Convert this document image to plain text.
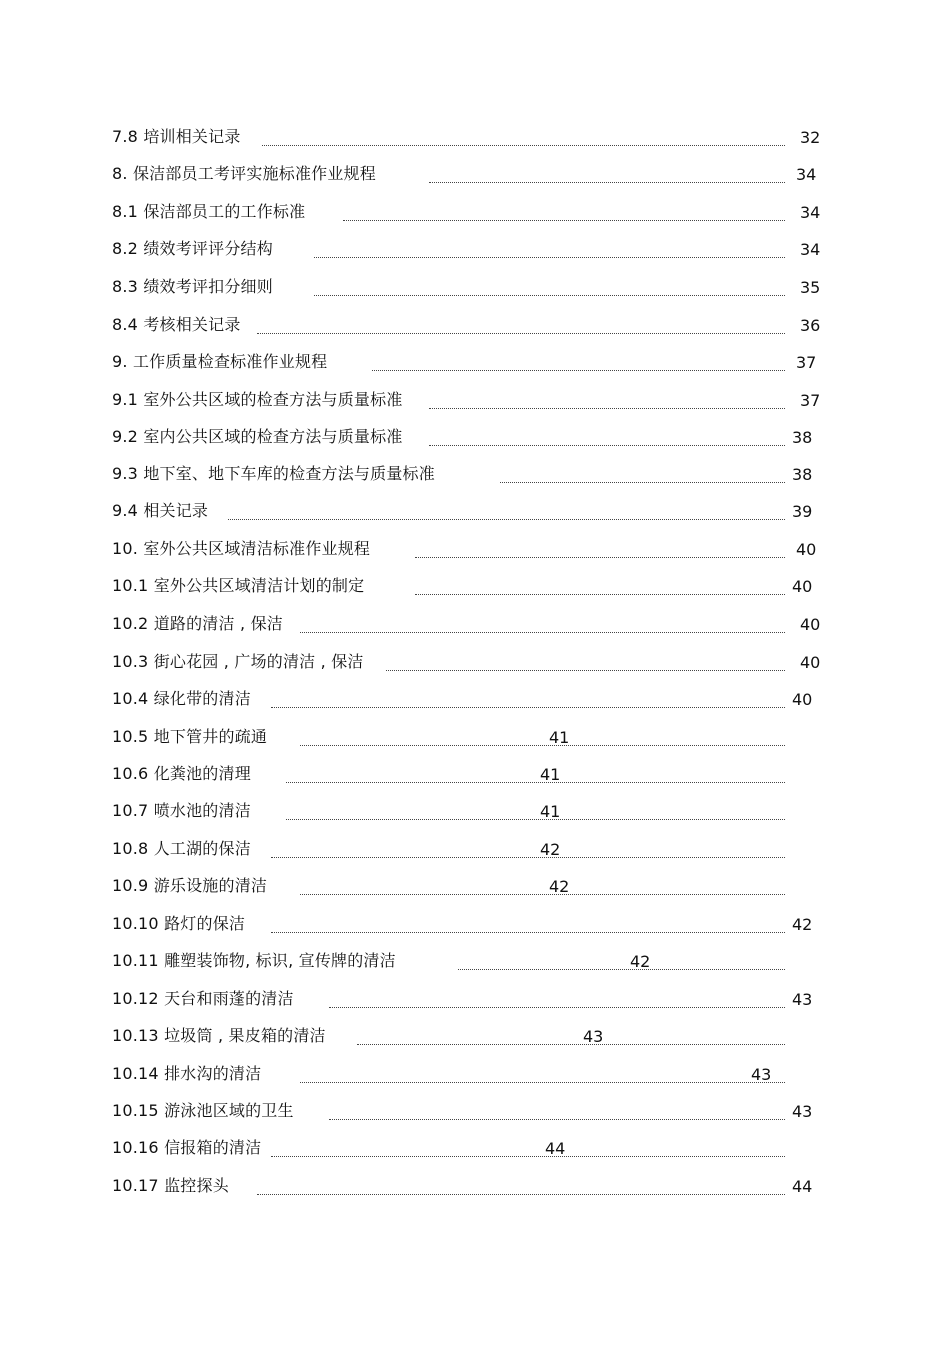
7.8 培训相关记录	32
8. 保洁部员工考评实施标准作业规程	34
8.1 保洁部员工的工作标准	34
8.2 绩效考评评分结构	34
8.3 绩效考评扣分细则	35
8.4 考核相关记录	36
9. 工作质量检查标准作业规程	37
9.1 室外公共区域的检查方法与质量标准	37
9.2 室内公共区域的检查方法与质量标准	38
9.3 地下室、地下车库的检查方法与质量标准	38
9.4 相关记录	39
10. 室外公共区域清洁标准作业规程	40
10.1 室外公共区域清洁计划的制定	40
10.2 道路的清洁 , 保洁	40
10.3 街心花园 , 广场的清洁 , 保洁	40
10.4 绿化带的清洁	40
10.5 地下管井的疏通	41
10.6 化粪池的清理	41
10.7 喷水池的清洁	41
10.8 人工湖的保洁	42
10.9 游乐设施的清洁	42
10.10 路灯的保洁	42
10.11 雕塑装饰物, 标识, 宣传牌的清洁	42
10.12 天台和雨蓬的清洁	43
10.13 垃圾筒 , 果皮箱的清洁	43
10.14 排水沟的清洁	43
10.15 游泳池区域的卫生	43
10.16 信报箱的清洁	44
10.17 监控探头	44
